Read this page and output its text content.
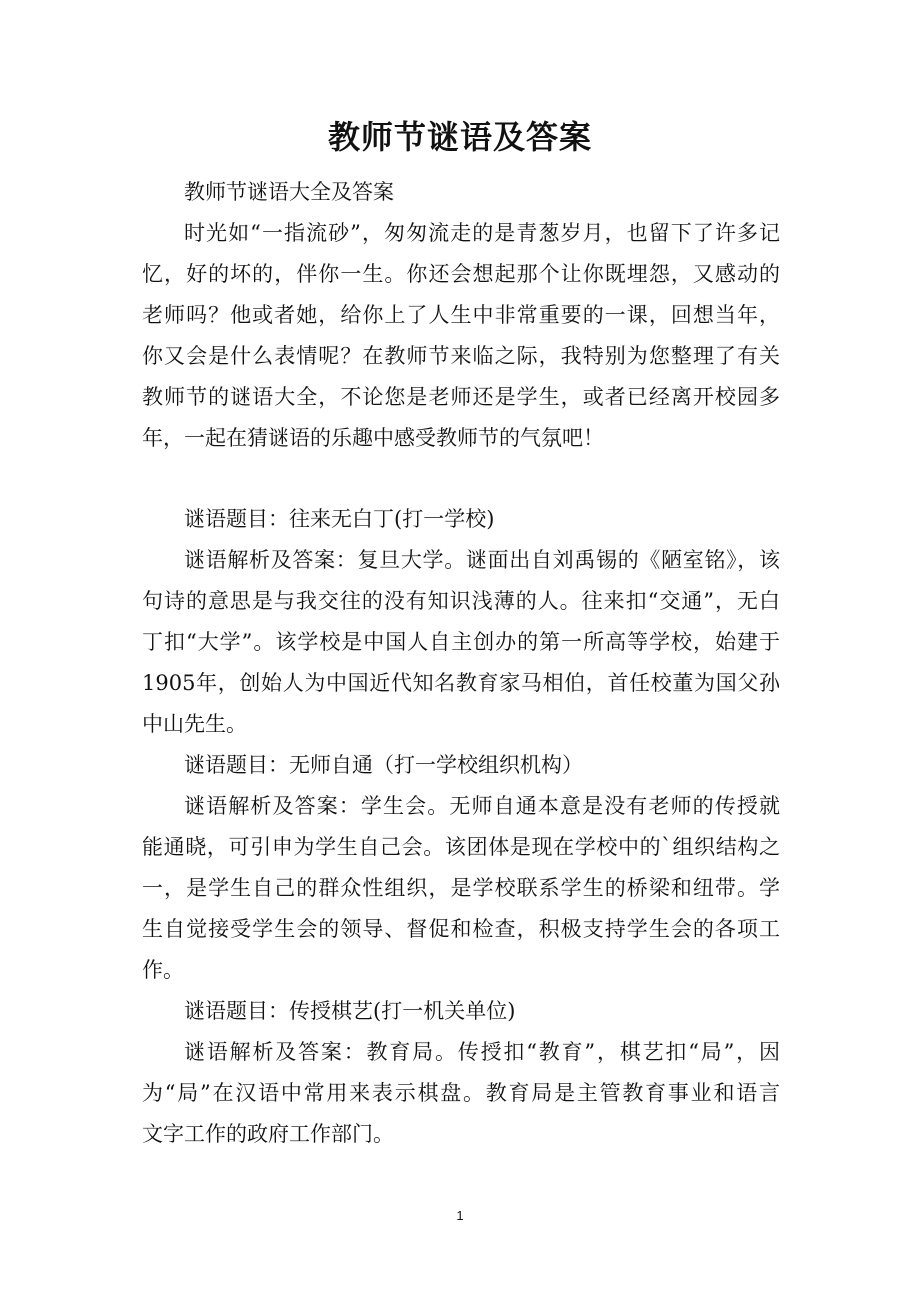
教师节谜语及答案
教师节谜语大全及答案
时光如“一指流砂”，匆匆流走的是青葱岁月，也留下了许多记
忆，好的坏的，伴你一生。你还会想起那个让你既埋怨，又感动的
老师吗？他或者她，给你上了人生中非常重要的一课，回想当年，
你又会是什么表情呢？在教师节来临之际，我特别为您整理了有关
教师节的谜语大全，不论您是老师还是学生，或者已经离开校园多
年，一起在猜谜语的乐趣中感受教师节的气氛吧！
谜语题目：往来无白丁(打一学校)
谜语解析及答案：复旦大学。谜面出自刘禹锡的《陋室铭》，该
句诗的意思是与我交往的没有知识浅薄的人。往来扣“交通”，无白
丁扣“大学”。该学校是中国人自主创办的第一所高等学校，始建于
1905年，创始人为中国近代知名教育家马相伯，首任校董为国父孙
中山先生。
谜语题目：无师自通（打一学校组织机构）
谜语解析及答案：学生会。无师自通本意是没有老师的传授就
能通晓，可引申为学生自己会。该团体是现在学校中的`组织结构之
一，是学生自己的群众性组织，是学校联系学生的桥梁和纽带。学
生自觉接受学生会的领导、督促和检查，积极支持学生会的各项工
作。
谜语题目：传授棋艺(打一机关单位)
谜语解析及答案：教育局。传授扣“教育”，棋艺扣“局”，因
为“局”在汉语中常用来表示棋盘。教育局是主管教育事业和语言
文字工作的政府工作部门。
1
